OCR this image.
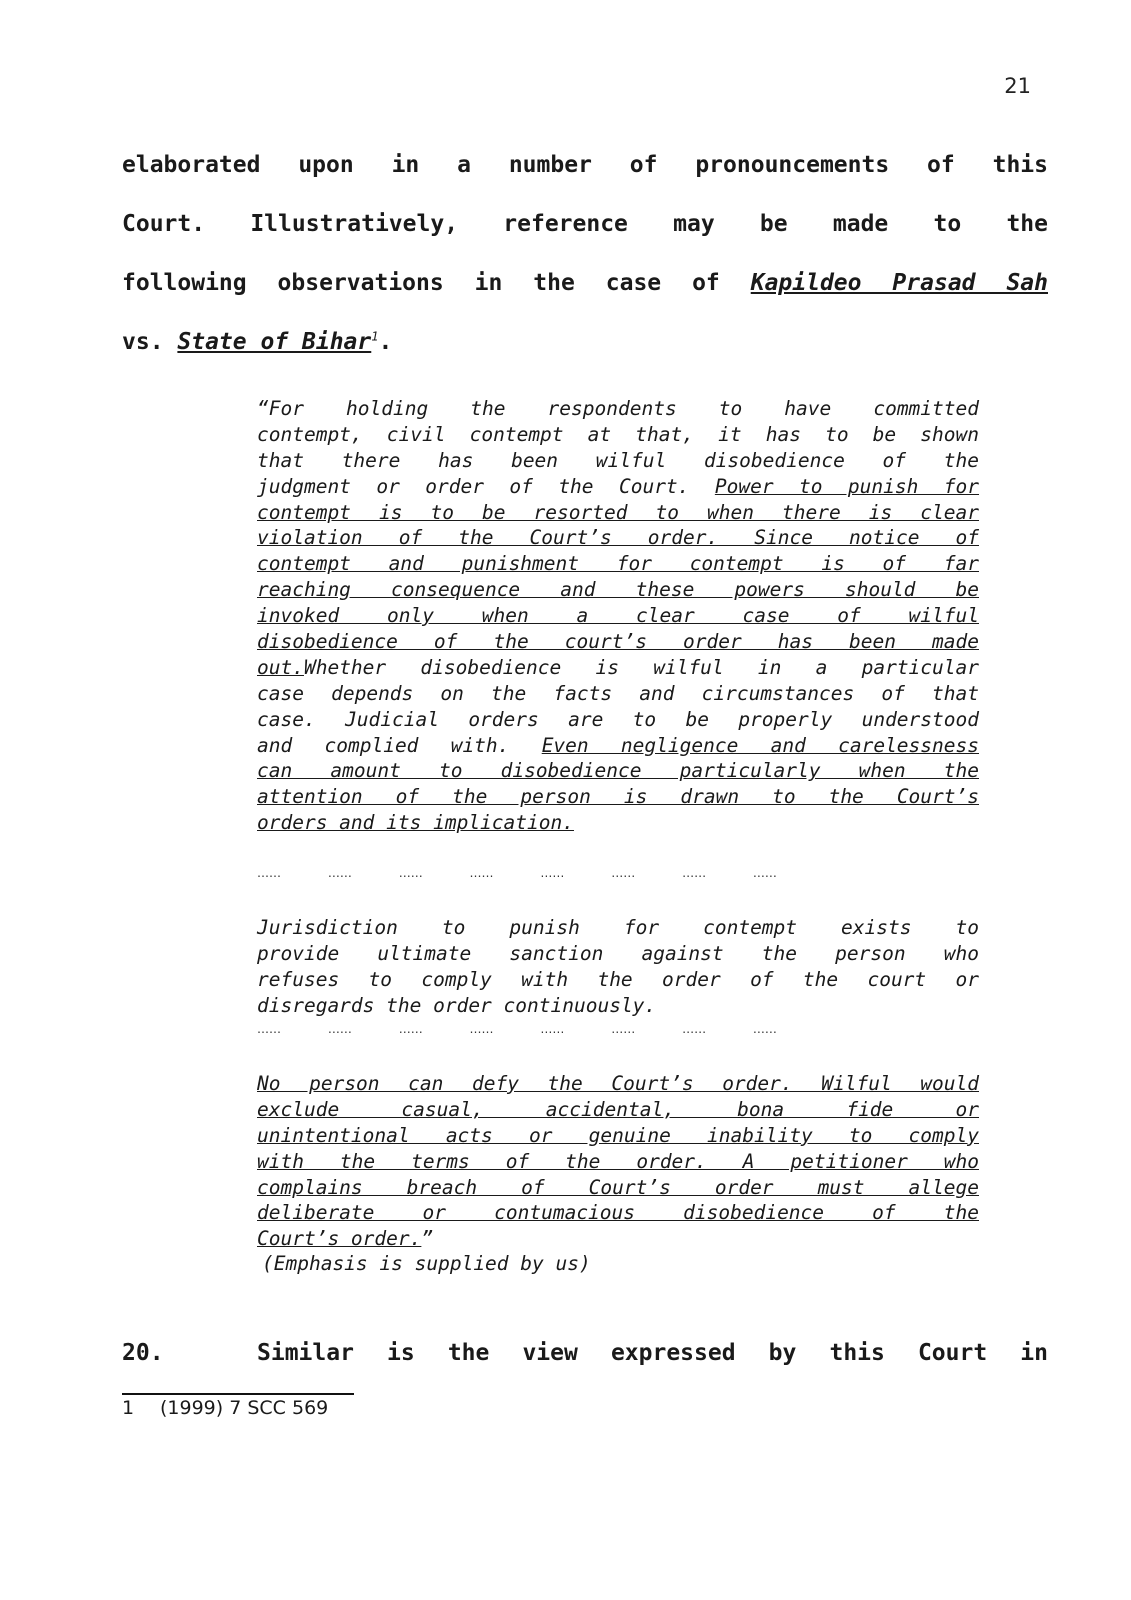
21
elaborated upon in a number of pronouncements of this
Court. Illustratively, reference may be made to the
following observations in the case of Kapildeo Prasad Sah
vs. State of Bihar$^1$.
“For holding the respondents to have committed
contempt, civil contempt at that, it has to be shown
that there has been wilful disobedience of the
judgment or order of the Court. Power to punish for
contempt is to be resorted to when there is clear
violation of the Court’s order. Since notice of
contempt and punishment for contempt is of far
reaching consequence and these powers should be
invoked only when a clear case of wilful
disobedience of the court’s order has been made
out.Whether disobedience is wilful in a particular
case depends on the facts and circumstances of that
case. Judicial orders are to be properly understood
and complied with. Even negligence and carelessness
can amount to disobedience particularly when the
attention of the person is drawn to the Court’s
orders and its implication.
……	……	……	……	……	……	……	……
Jurisdiction to punish for contempt exists to
provide ultimate sanction against the person who
refuses to comply with the order of the court or
disregards the order continuously.
……	……	……	……	……	……	……	……
No person can defy the Court’s order. Wilful would
exclude casual, accidental, bona fide or
unintentional acts or genuine inability to comply
with the terms of the order. A petitioner who
complains breach of Court’s order must allege
deliberate or contumacious disobedience of the
Court’s order.”
(Emphasis is supplied by us)
20.	Similar is the view expressed by this Court in
1 (1999) 7 SCC 569
